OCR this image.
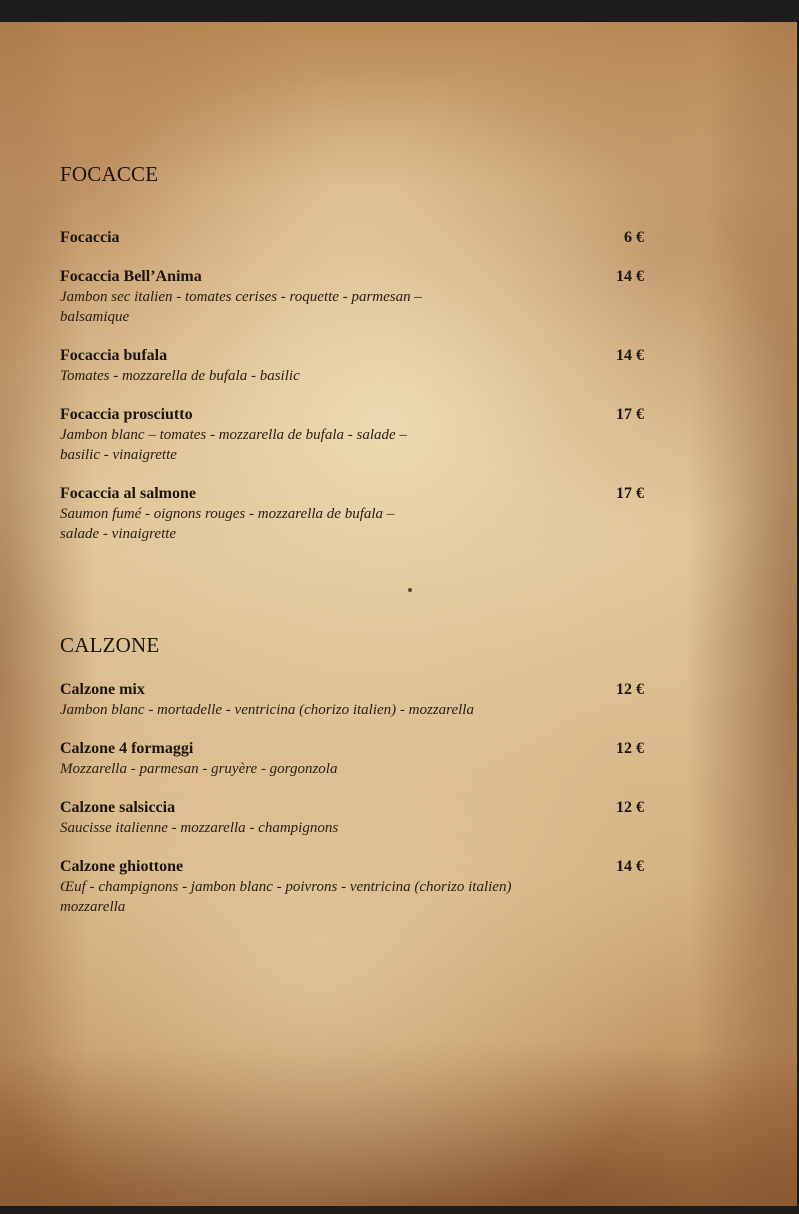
FOCACCE
Focaccia	6 €
Focaccia Bell’Anima	14 €
Jambon sec italien - tomates cerises - roquette - parmesan –
balsamique
Focaccia bufala	14 €
Tomates - mozzarella de bufala - basilic
Focaccia prosciutto	17 €
Jambon blanc – tomates - mozzarella de bufala - salade –
basilic - vinaigrette
Focaccia al salmone	17 €
Saumon fumé - oignons rouges - mozzarella de bufala –
salade - vinaigrette
CALZONE
Calzone mix	12 €
Jambon blanc - mortadelle - ventricina (chorizo italien) - mozzarella
Calzone 4 formaggi	12 €
Mozzarella - parmesan - gruyère - gorgonzola
Calzone salsiccia	12 €
Saucisse italienne - mozzarella - champignons
Calzone ghiottone	14 €
Œuf - champignons - jambon blanc - poivrons - ventricina (chorizo italien)
mozzarella
